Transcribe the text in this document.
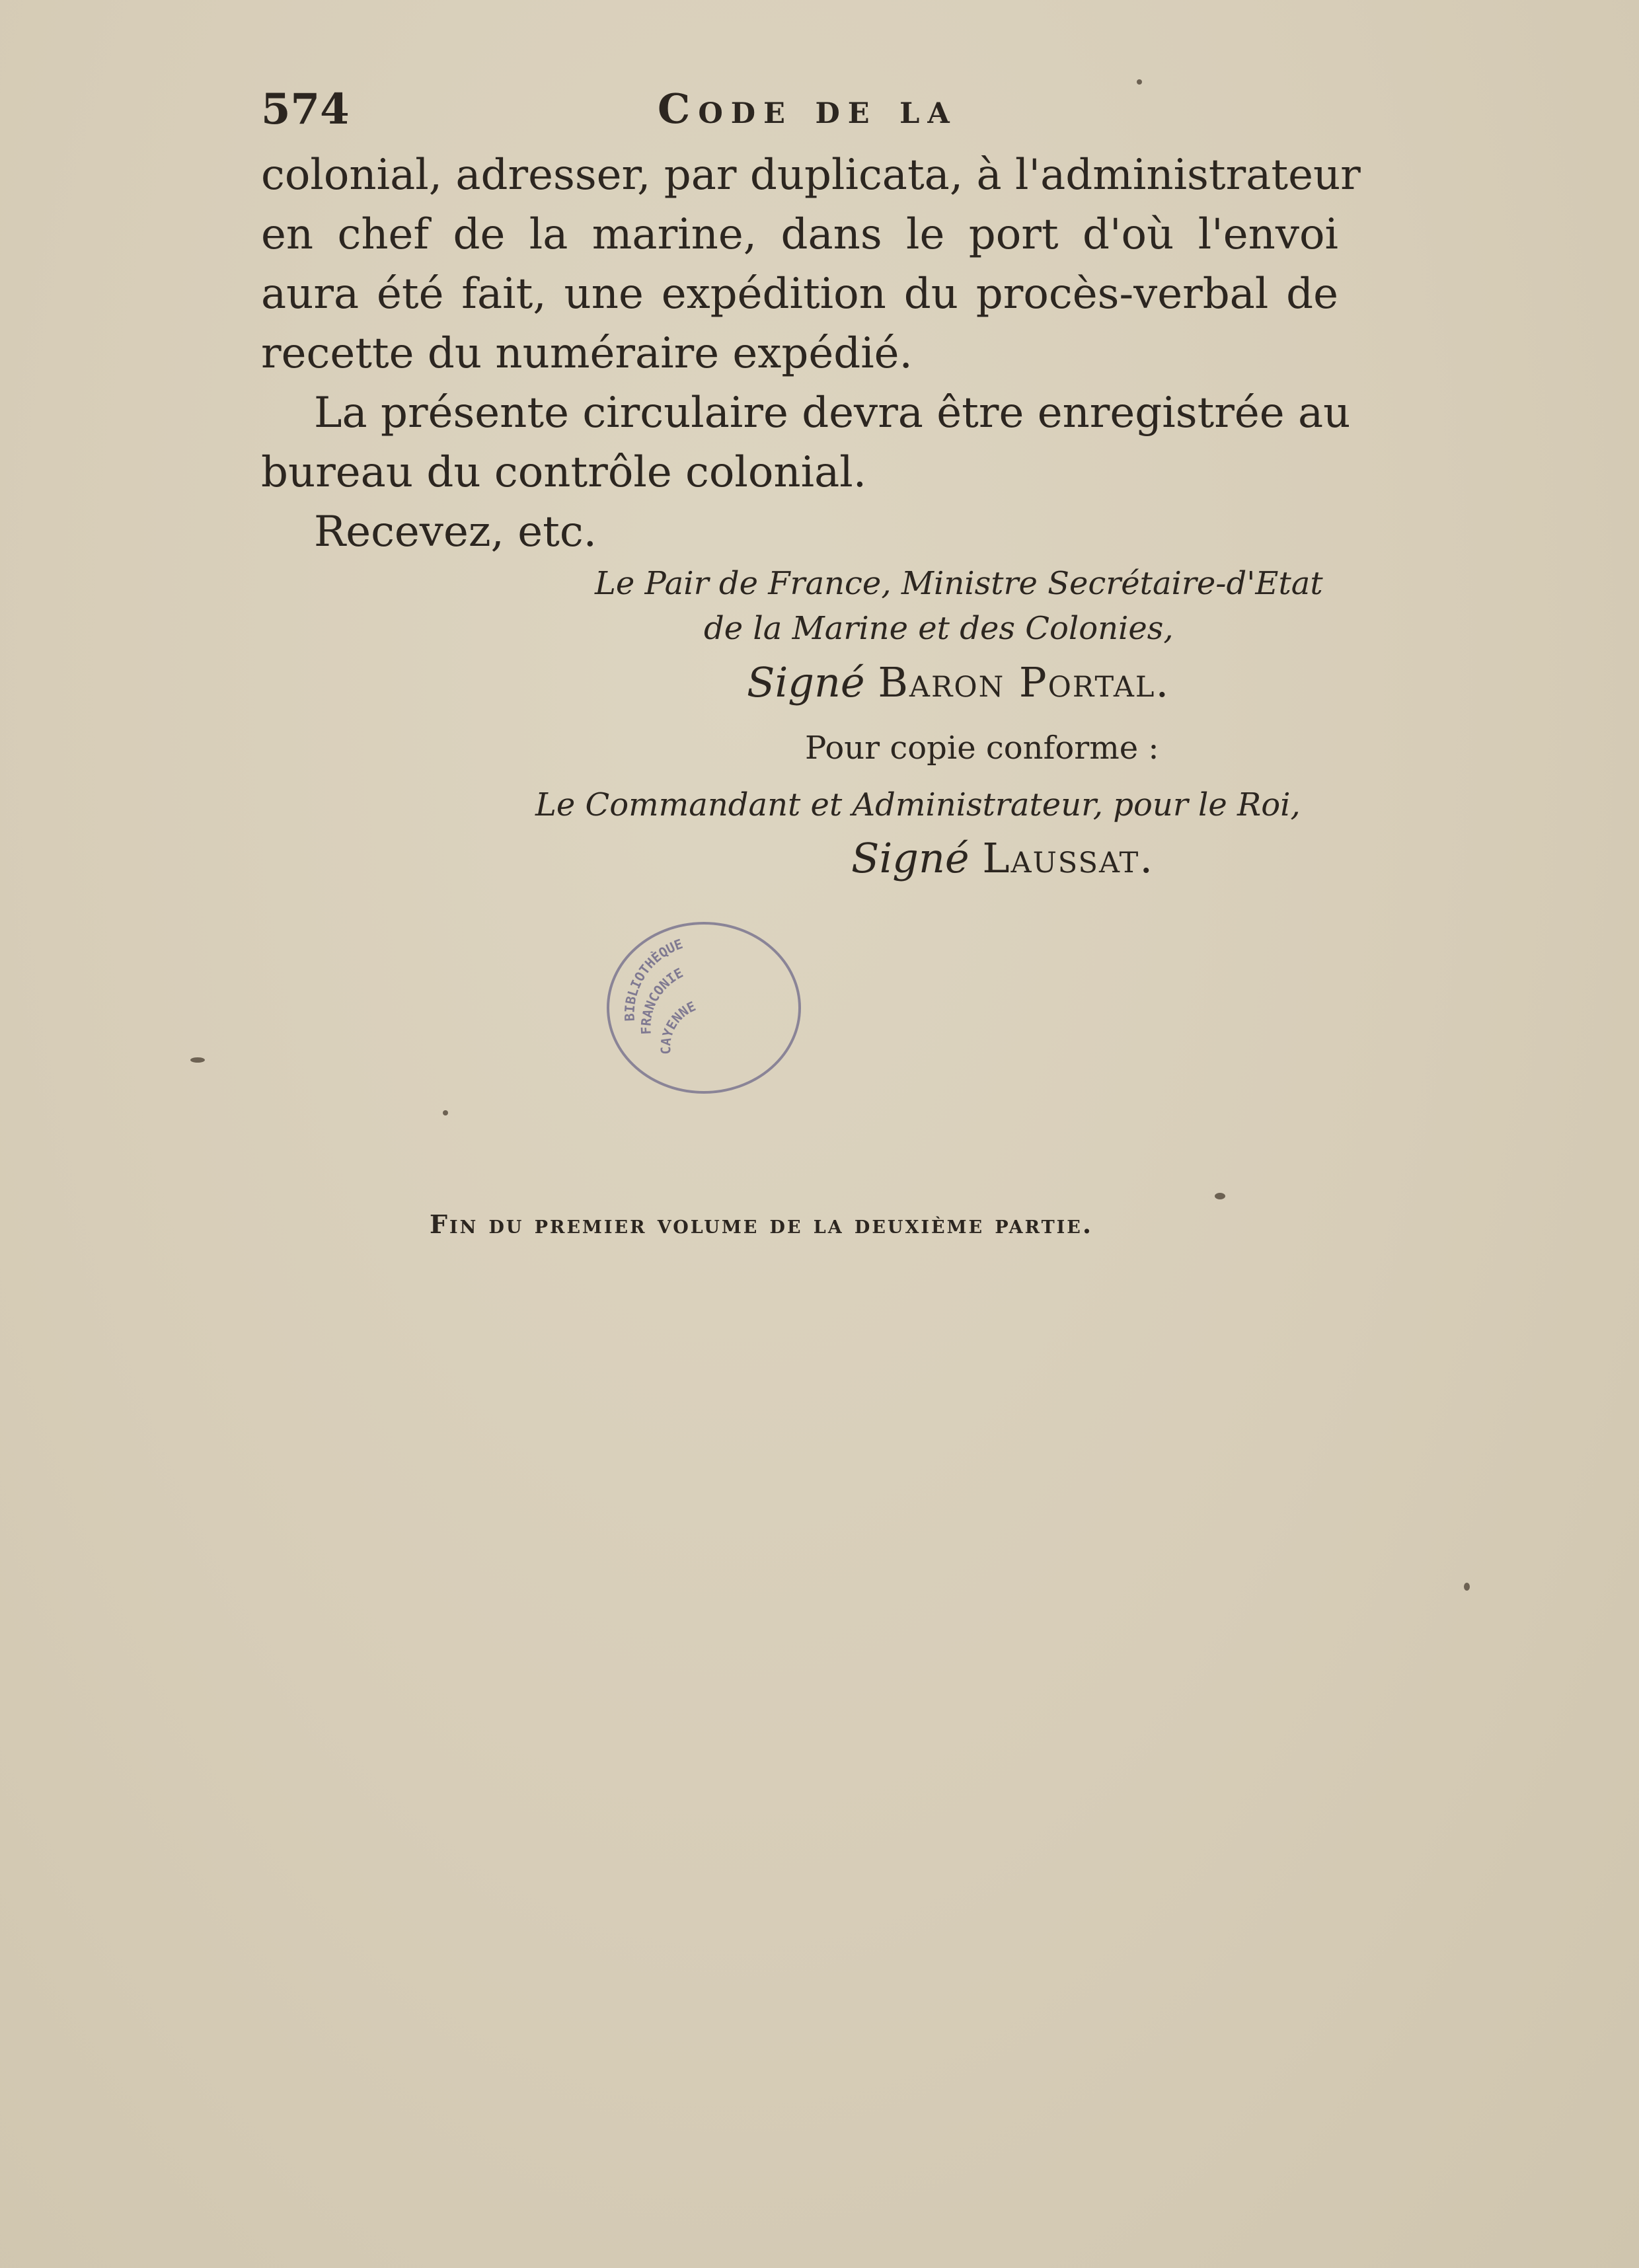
574	Code de la
colonial, adresser, par duplicata, à l'administrateur
en chef de la marine, dans le port d'où l'envoi
aura été fait, une expédition du procès-verbal de
recette du numéraire expédié.
La présente circulaire devra être enregistrée au
bureau du contrôle colonial.
Recevez, etc.
Le Pair de France, Ministre Secrétaire-d'Etat
de la Marine et des Colonies,
Signé Baron Portal.
Pour copie conforme :
Le Commandant et Administrateur, pour le Roi,
Signé Laussat.
BIBLIOTHÈQUE
FRANCONIE
CAYENNE
Fin du premier volume de la deuxième partie.
